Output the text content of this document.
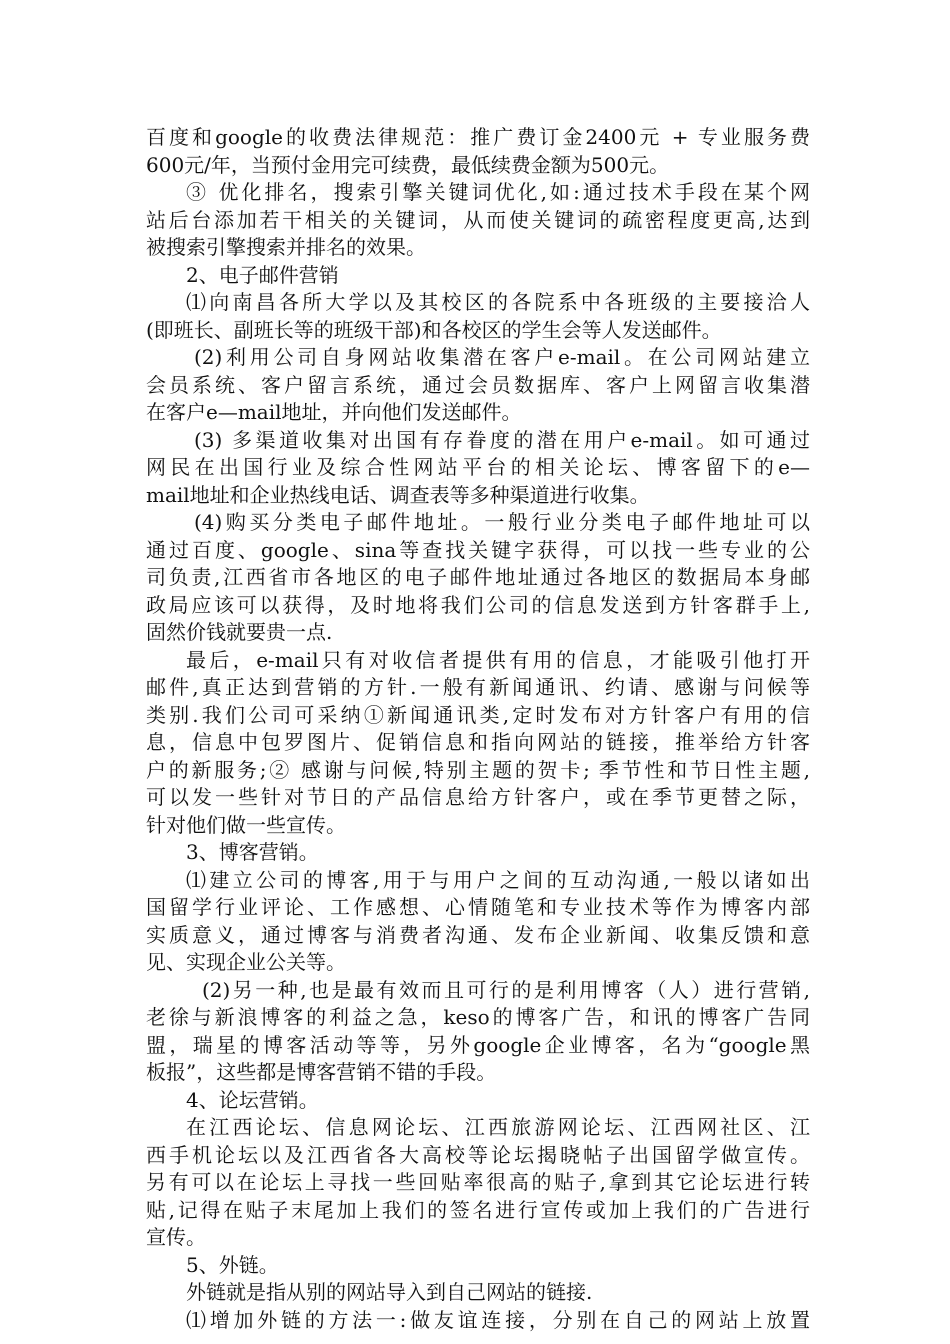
百度和google的收费法律规范：推广费订金2400元 + 专业服务费
600元/年，当预付金用完可续费，最低续费金额为500元。
③ 优化排名，搜索引擎关键词优化,如:通过技术手段在某个网
站后台添加若干相关的关键词，从而使关键词的疏密程度更高,达到
被搜索引擎搜索并排名的效果。
2、电子邮件营销
⑴向南昌各所大学以及其校区的各院系中各班级的主要接洽人
(即班长、副班长等的班级干部)和各校区的学生会等人发送邮件。
(2)利用公司自身网站收集潜在客户e-mail。在公司网站建立
会员系统、客户留言系统，通过会员数据库、客户上网留言收集潜
在客户e—mail地址，并向他们发送邮件。
(3) 多渠道收集对出国有存眷度的潜在用户e-mail。如可通过
网民在出国行业及综合性网站平台的相关论坛、博客留下的e—
mail地址和企业热线电话、调查表等多种渠道进行收集。
(4)购买分类电子邮件地址。一般行业分类电子邮件地址可以
通过百度、google、sina等查找关键字获得，可以找一些专业的公
司负责,江西省市各地区的电子邮件地址通过各地区的数据局本身邮
政局应该可以获得，及时地将我们公司的信息发送到方针客群手上,
固然价钱就要贵一点.
最后，e-mail只有对收信者提供有用的信息，才能吸引他打开
邮件,真正达到营销的方针.一般有新闻通讯、约请、感谢与问候等
类别.我们公司可采纳①新闻通讯类,定时发布对方针客户有用的信
息，信息中包罗图片、促销信息和指向网站的链接，推举给方针客
户的新服务;② 感谢与问候,特别主题的贺卡; 季节性和节日性主题,
可以发一些针对节日的产品信息给方针客户，或在季节更替之际，
针对他们做一些宣传。
3、博客营销。
⑴建立公司的博客,用于与用户之间的互动沟通,一般以诸如出
国留学行业评论、工作感想、心情随笔和专业技术等作为博客内部
实质意义，通过博客与消费者沟通、发布企业新闻、收集反馈和意
见、实现企业公关等。
(2)另一种,也是最有效而且可行的是利用博客（人）进行营销,
老徐与新浪博客的利益之急，keso的博客广告，和讯的博客广告同
盟，瑞星的博客活动等等，另外google企业博客，名为“google黑
板报”，这些都是博客营销不错的手段。
4、论坛营销。
在江西论坛、信息网论坛、江西旅游网论坛、江西网社区、江
西手机论坛以及江西省各大高校等论坛揭晓帖子出国留学做宣传。
另有可以在论坛上寻找一些回贴率很高的贴子,拿到其它论坛进行转
贴,记得在贴子末尾加上我们的签名进行宣传或加上我们的广告进行
宣传。
5、外链。
外链就是指从别的网站导入到自己网站的链接.
⑴增加外链的方法一:做友谊连接，分别在自己的网站上放置
